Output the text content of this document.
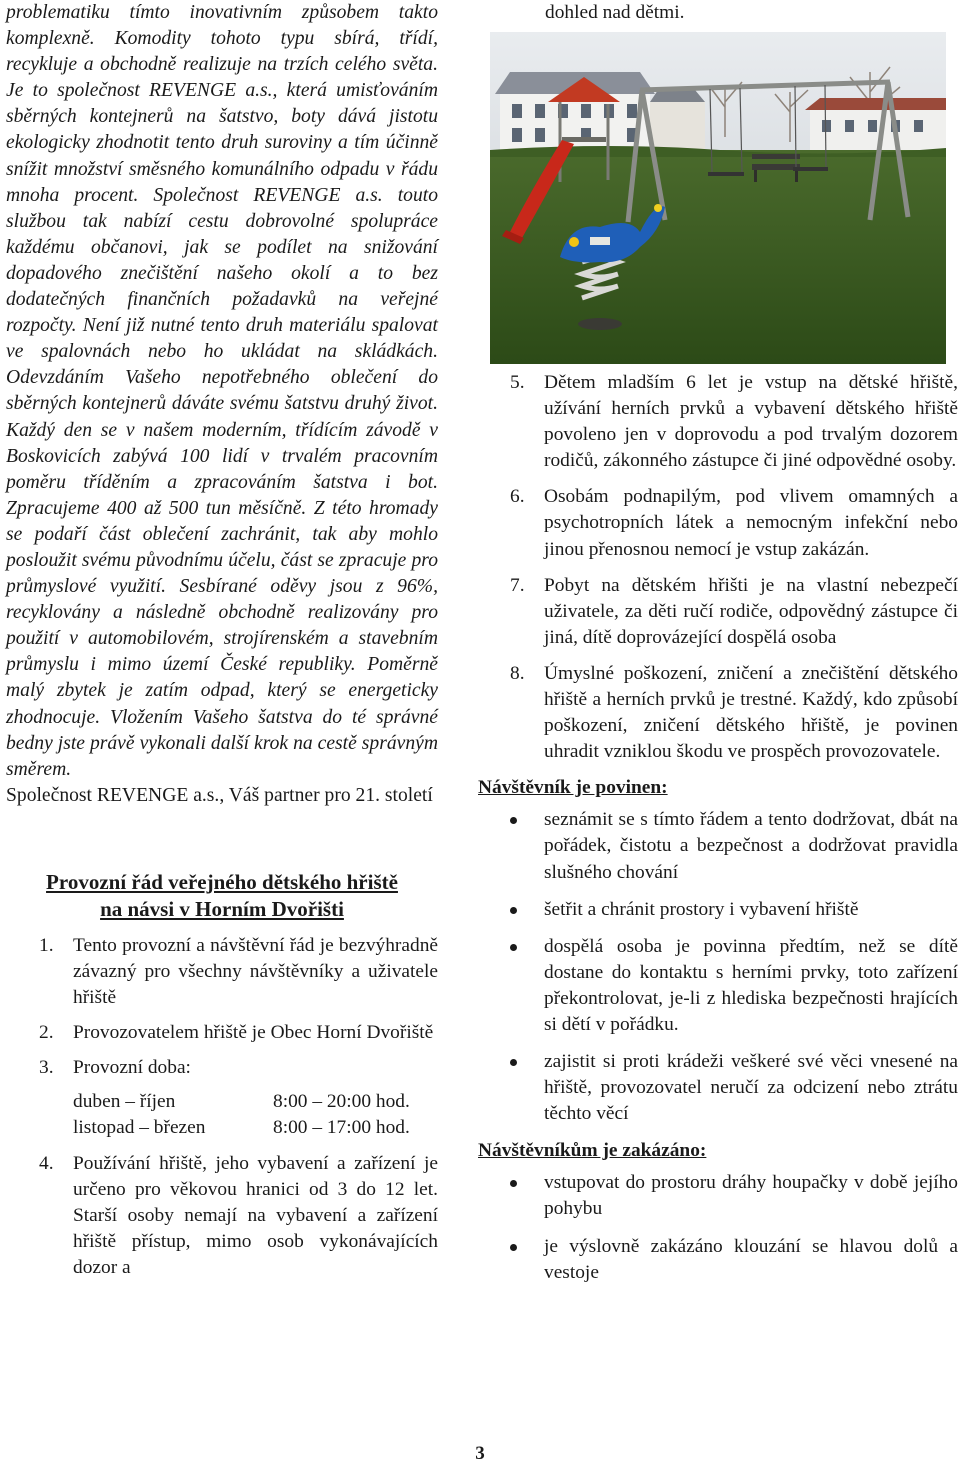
problematiku tímto inovativním způsobem takto komplexně. Komodity tohoto typu sbírá, třídí, recykluje a obchodně realizuje na trzích celého světa. Je to společnost REVENGE a.s., která umisťováním sběrných kontejnerů na šatstvo, boty dává jistotu ekologicky zhodnotit tento druh suroviny a tím účinně snížit množství směsného komunálního odpadu v řádu mnoha procent. Společnost REVENGE a.s. touto službou tak nabízí cestu dobrovolné spolupráce každému občanovi, jak se podílet na snižování dopadového znečištění našeho okolí a to bez dodatečných finančních požadavků na veřejné rozpočty. Není již nutné tento druh materiálu spalovat ve spalovnách nebo ho ukládat na skládkách. Odevzdáním Vašeho nepotřebného oblečení do sběrných kontejnerů dáváte svému šatstvu druhý život. Každý den se v našem moderním, třídícím závodě v Boskovicích zabývá 100 lidí v trvalém pracovním poměru tříděním a zpracováním šatstva i bot. Zpracujeme 400 až 500 tun měsíčně. Z této hromady se podaří část oblečení zachránit, tak aby mohlo posloužit svému původnímu účelu, část se zpracuje pro průmyslové využití. Sesbírané oděvy jsou z 96%, recyklovány a následně obchodně realizovány pro použití v automobilovém, strojírenském a stavebním průmyslu i mimo území České republiky. Poměrně malý zbytek je zatím odpad, který se energeticky zhodnocuje. Vložením Vašeho šatstva do té správné bedny jste právě vykonali další krok na cestě správným směrem.

Společnost REVENGE a.s., Váš partner pro 21. století

Provozní řád veřejného dětského hřiště
na návsi v Horním Dvořišti
1. Tento provozní a návštěvní řád je bezvýhradně závazný pro všechny návštěvníky a uživatele hřiště
2. Provozovatelem hřiště je Obec Horní Dvořiště
3. Provozní doba:
duben – říjen	8:00 – 20:00 hod.
listopad – březen	8:00 – 17:00 hod.
4. Používání hřiště, jeho vybavení a zařízení je určeno pro věkovou hranici od 3 do 12 let. Starší osoby nemají na vybavení a zařízení hřiště přístup, mimo osob vykonávajících dozor a

dohled nad dětmi.

5. Dětem mladším 6 let je vstup na dětské hřiště, užívání herních prvků a vybavení dětského hřiště povoleno jen v doprovodu a pod trvalým dozorem rodičů, zákonného zástupce či jiné odpovědné osoby.
6. Osobám podnapilým, pod vlivem omamných a psychotropních látek a nemocným infekční nebo jinou přenosnou nemocí je vstup zakázán.
7. Pobyt na dětském hřišti je na vlastní nebezpečí uživatele, za děti ručí rodiče, odpovědný zástupce či jiná, dítě doprovázející dospělá osoba
8. Úmyslné poškození, zničení a znečištění dětského hřiště a herních prvků je trestné. Každý, kdo způsobí poškození, zničení dětského hřiště, je povinen uhradit vzniklou škodu ve prospěch provozovatele.
Návštěvník je povinen:
seznámit se s tímto řádem a tento dodržovat, dbát na pořádek, čistotu a bezpečnost a dodržovat pravidla slušného chování
šetřit a chránit prostory i vybavení hřiště
dospělá osoba je povinna předtím, než se dítě dostane do kontaktu s herními prvky, toto zařízení překontrolovat, je-li z hlediska bezpečnosti hrajících si dětí v pořádku.
zajistit si proti krádeži veškeré své věci vnesené na hřiště, provozovatel neručí za odcizení nebo ztrátu těchto věcí
Návštěvníkům je zakázáno:
vstupovat do prostoru dráhy houpačky v době jejího pohybu
je výslovně zakázáno klouzání se hlavou dolů a vestoje
3
